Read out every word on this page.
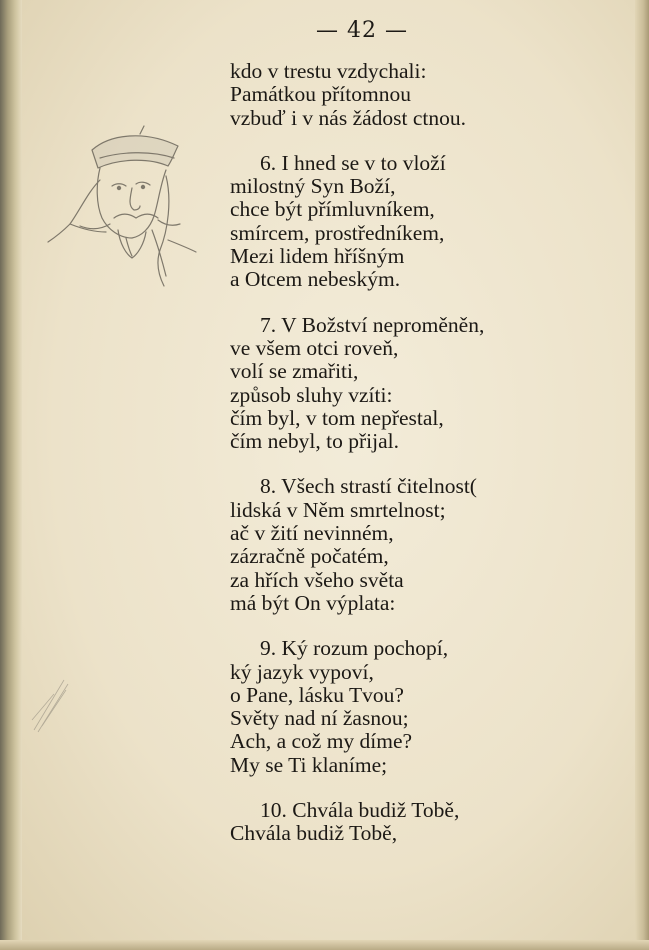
— 42 —
kdo v trestu vzdychali:
Památkou přítomnou
vzbuď i v nás žádost ctnou.
6. I hned se v to vloží
milostný Syn Boží,
chce být přímluvníkem,
smírcem, prostředníkem,
Mezi lidem hříšným
a Otcem nebeským.
7. V Božství neproměněn,
ve všem otci roveň,
volí se zmařiti,
způsob sluhy vzíti:
čím byl, v tom nepřestal,
čím nebyl, to přijal.
8. Všech strastí čitelnost(
lidská v Něm smrtelnost;
ač v žití nevinném,
zázračně počatém,
za hřích všeho světa
má být On výplata:
9. Ký rozum pochopí,
ký jazyk vypoví,
o Pane, lásku Tvou?
Světy nad ní žasnou;
Ach, a což my díme?
My se Ti klaníme;
10. Chvála budiž Tobě,
Chvála budiž Tobě,
